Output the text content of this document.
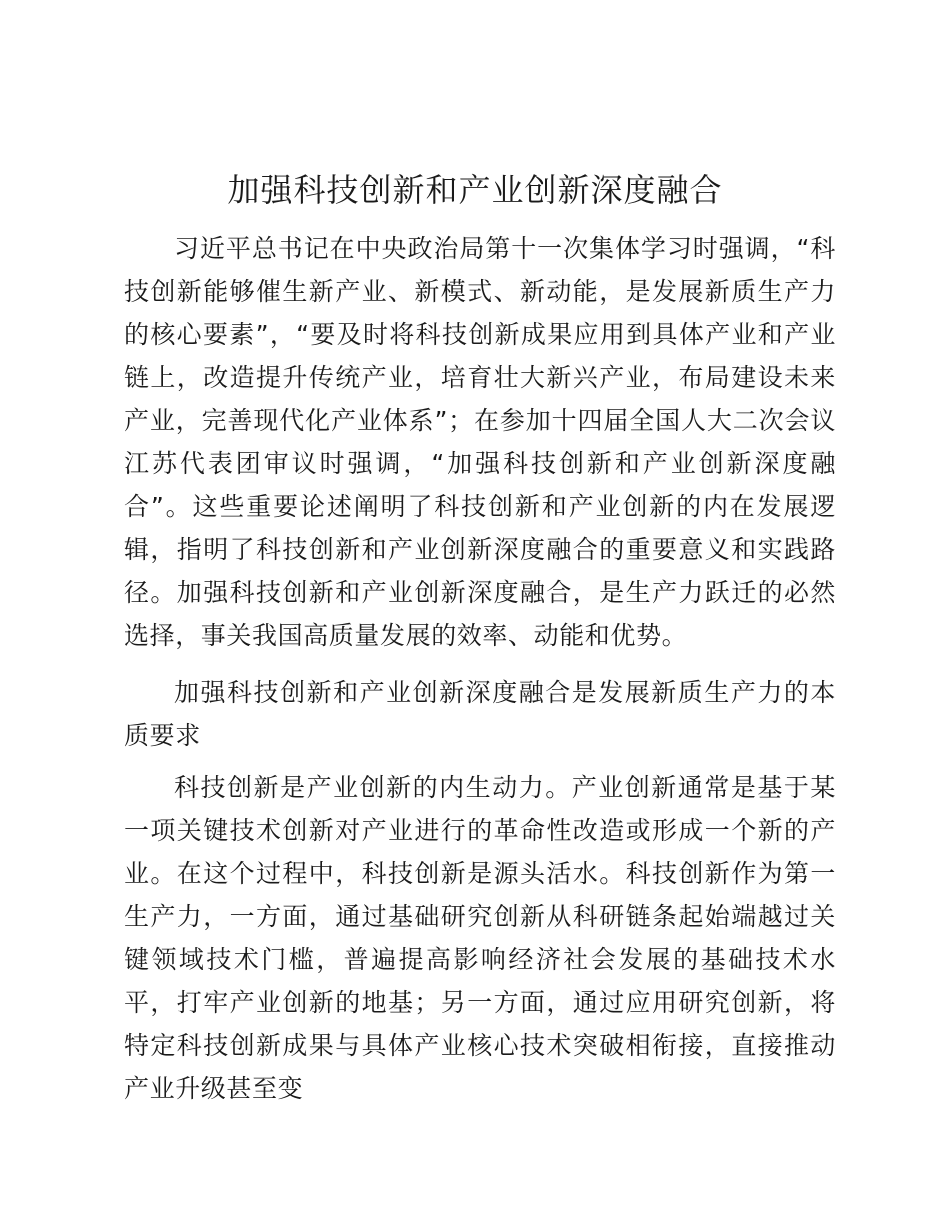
加强科技创新和产业创新深度融合

习近平总书记在中央政治局第十一次集体学习时强调，“科技创新能够催生新产业、新模式、新动能，是发展新质生产力的核心要素”，“要及时将科技创新成果应用到具体产业和产业链上，改造提升传统产业，培育壮大新兴产业，布局建设未来产业，完善现代化产业体系”；在参加十四届全国人大二次会议江苏代表团审议时强调，“加强科技创新和产业创新深度融合”。这些重要论述阐明了科技创新和产业创新的内在发展逻辑，指明了科技创新和产业创新深度融合的重要意义和实践路径。加强科技创新和产业创新深度融合，是生产力跃迁的必然选择，事关我国高质量发展的效率、动能和优势。

加强科技创新和产业创新深度融合是发展新质生产力的本质要求

科技创新是产业创新的内生动力。产业创新通常是基于某一项关键技术创新对产业进行的革命性改造或形成一个新的产业。在这个过程中，科技创新是源头活水。科技创新作为第一生产力，一方面，通过基础研究创新从科研链条起始端越过关键领域技术门槛，普遍提高影响经济社会发展的基础技术水平，打牢产业创新的地基；另一方面，通过应用研究创新，将特定科技创新成果与具体产业核心技术突破相衔接，直接推动产业升级甚至变
